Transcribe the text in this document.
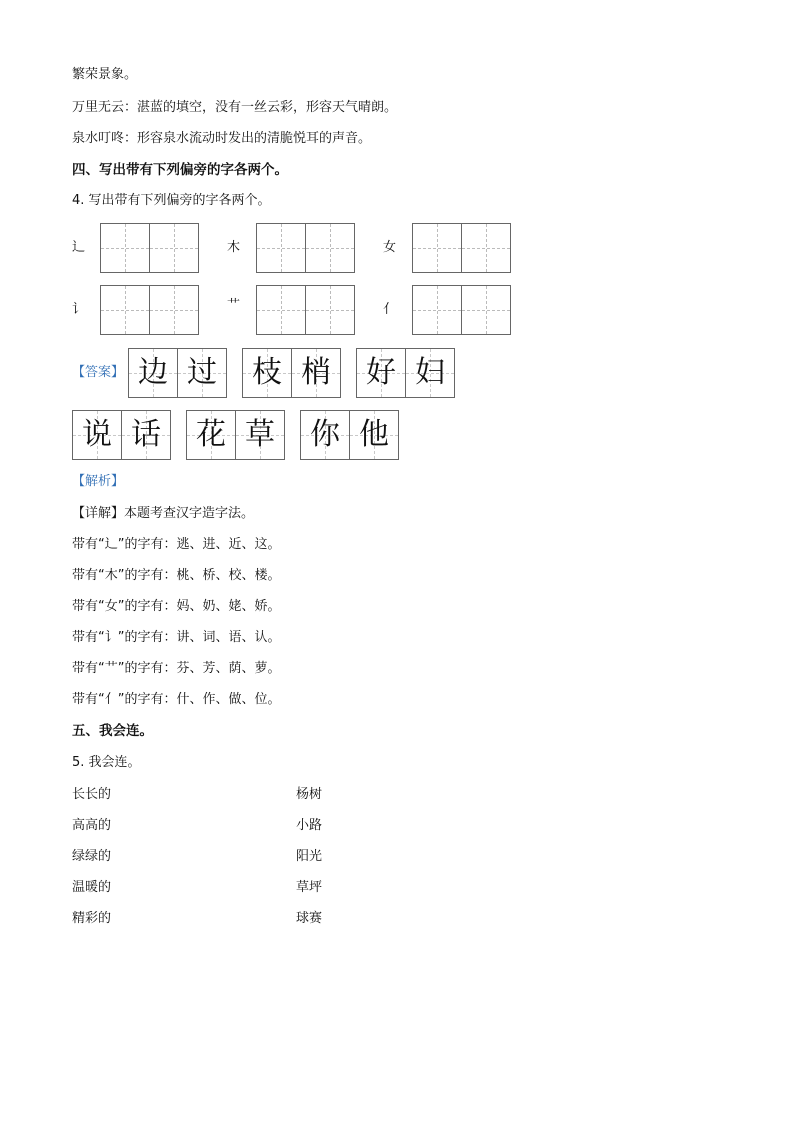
繁荣景象。
万里无云：湛蓝的填空，没有一丝云彩，形容天气晴朗。
泉水叮咚：形容泉水流动时发出的清脆悦耳的声音。
四、写出带有下列偏旁的字各两个。
4. 写出带有下列偏旁的字各两个。
辶	木	女
讠	艹	亻
【答案】 边 过	枝 梢	好 妇
说 话	花 草	你 他
【解析】
【详解】本题考查汉字造字法。
带有“辶”的字有：逃、进、近、这。
带有“木”的字有：桃、桥、校、楼。
带有“女”的字有：妈、奶、姥、娇。
带有“讠”的字有：讲、词、语、认。
带有“艹”的字有：芬、芳、荫、萝。
带有“亻”的字有：什、作、做、位。
五、我会连。
5. 我会连。
长长的	杨树
高高的	小路
绿绿的	阳光
温暖的	草坪
精彩的	球赛
